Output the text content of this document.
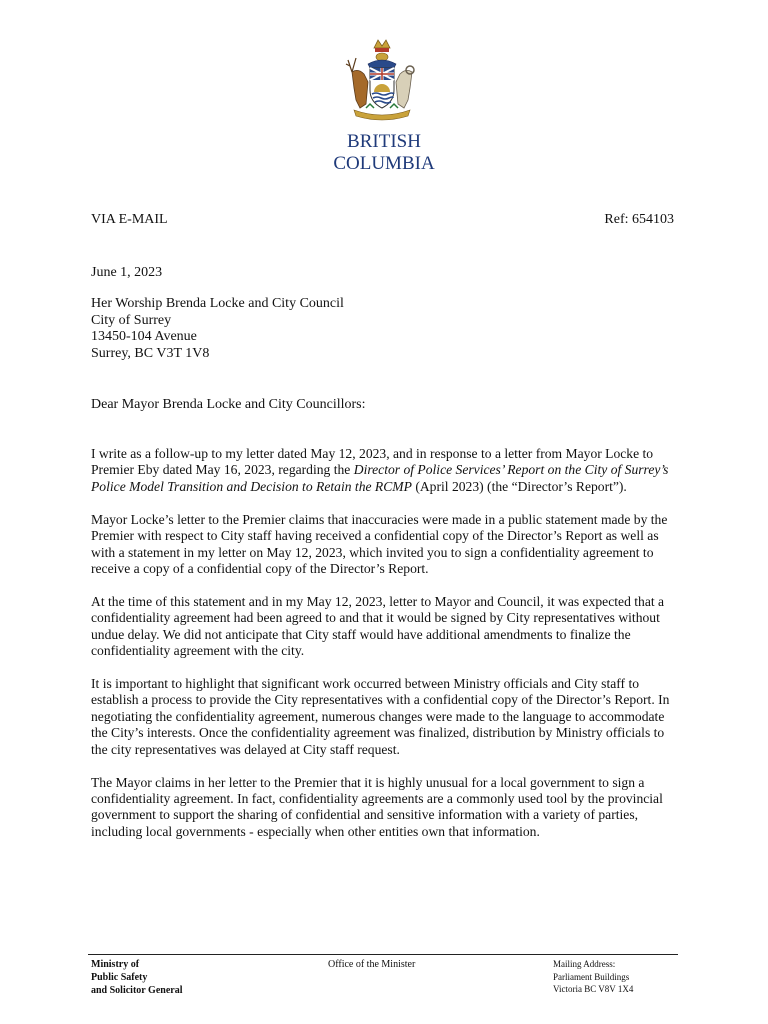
BRITISH
COLUMBIA
VIA E-MAIL	Ref: 654103
June 1, 2023
Her Worship Brenda Locke and City Council
City of Surrey
13450-104 Avenue
Surrey, BC V3T 1V8
Dear Mayor Brenda Locke and City Councillors:

I write as a follow-up to my letter dated May 12, 2023, and in response to a letter from Mayor Locke to Premier Eby dated May 16, 2023, regarding the Director of Police Services’ Report on the City of Surrey’s Police Model Transition and Decision to Retain the RCMP (April 2023) (the “Director’s Report”).

Mayor Locke’s letter to the Premier claims that inaccuracies were made in a public statement made by the Premier with respect to City staff having received a confidential copy of the Director’s Report as well as with a statement in my letter on May 12, 2023, which invited you to sign a confidentiality agreement to receive a copy of a confidential copy of the Director’s Report.

At the time of this statement and in my May 12, 2023, letter to Mayor and Council, it was expected that a confidentiality agreement had been agreed to and that it would be signed by City representatives without undue delay. We did not anticipate that City staff would have additional amendments to finalize the confidentiality agreement with the city.

It is important to highlight that significant work occurred between Ministry officials and City staff to establish a process to provide the City representatives with a confidential copy of the Director’s Report. In negotiating the confidentiality agreement, numerous changes were made to the language to accommodate the City’s interests. Once the confidentiality agreement was finalized, distribution by Ministry officials to the city representatives was delayed at City staff request.

The Mayor claims in her letter to the Premier that it is highly unusual for a local government to sign a confidentiality agreement. In fact, confidentiality agreements are a commonly used tool by the provincial government to support the sharing of confidential and sensitive information with a variety of parties, including local governments - especially when other entities own that information.

Ministry of
Public Safety
and Solicitor General
Office of the Minister	Mailing Address:
Parliament Buildings
Victoria BC V8V 1X4
